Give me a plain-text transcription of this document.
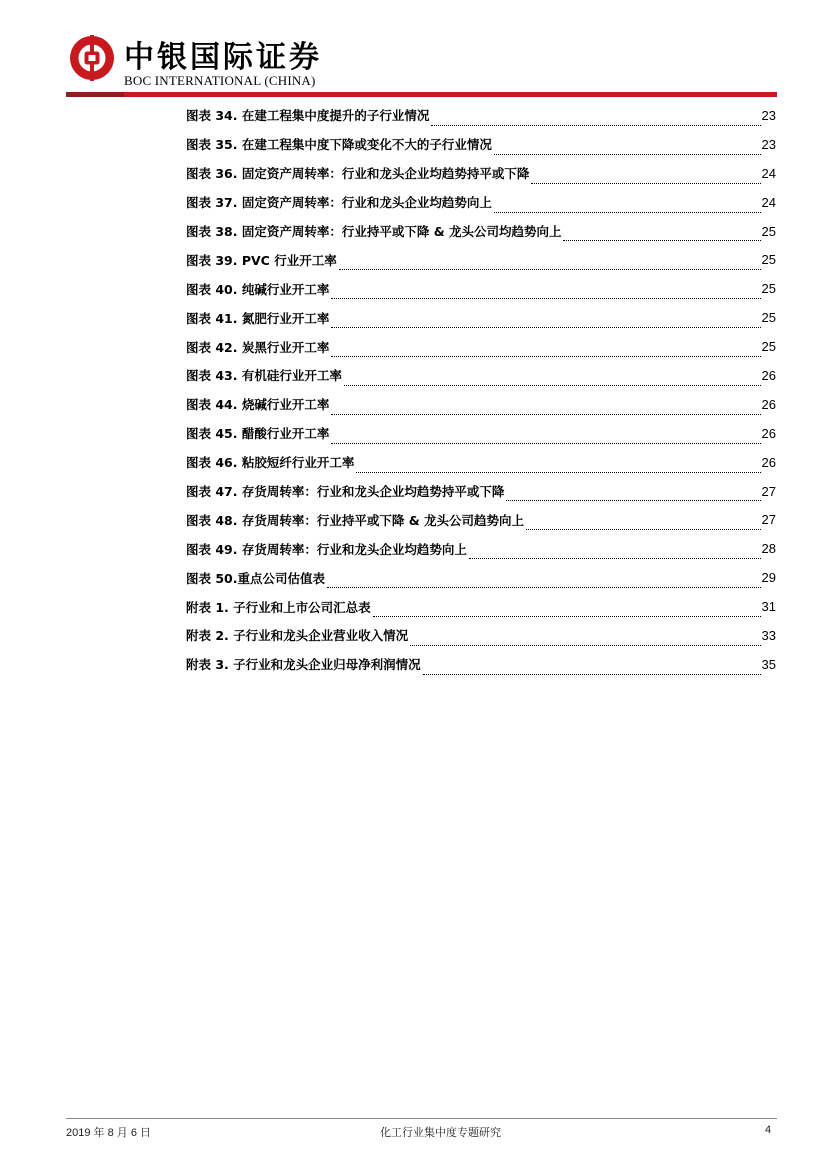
中银国际证券
BOC INTERNATIONAL (CHINA)
图表 34. 在建工程集中度提升的子行业情况	23
图表 35. 在建工程集中度下降或变化不大的子行业情况	23
图表 36. 固定资产周转率：行业和龙头企业均趋势持平或下降	24
图表 37. 固定资产周转率：行业和龙头企业均趋势向上	24
图表 38. 固定资产周转率：行业持平或下降 & 龙头公司均趋势向上	25
图表 39. PVC 行业开工率	25
图表 40. 纯碱行业开工率	25
图表 41. 氮肥行业开工率	25
图表 42. 炭黑行业开工率	25
图表 43. 有机硅行业开工率	26
图表 44. 烧碱行业开工率	26
图表 45. 醋酸行业开工率	26
图表 46. 粘胶短纤行业开工率	26
图表 47. 存货周转率：行业和龙头企业均趋势持平或下降	27
图表 48. 存货周转率：行业持平或下降 & 龙头公司趋势向上	27
图表 49. 存货周转率：行业和龙头企业均趋势向上	28
图表 50.重点公司估值表	29
附表 1. 子行业和上市公司汇总表	31
附表 2. 子行业和龙头企业营业收入情况	33
附表 3. 子行业和龙头企业归母净利润情况	35
2019 年 8 月 6 日	化工行业集中度专题研究	4
